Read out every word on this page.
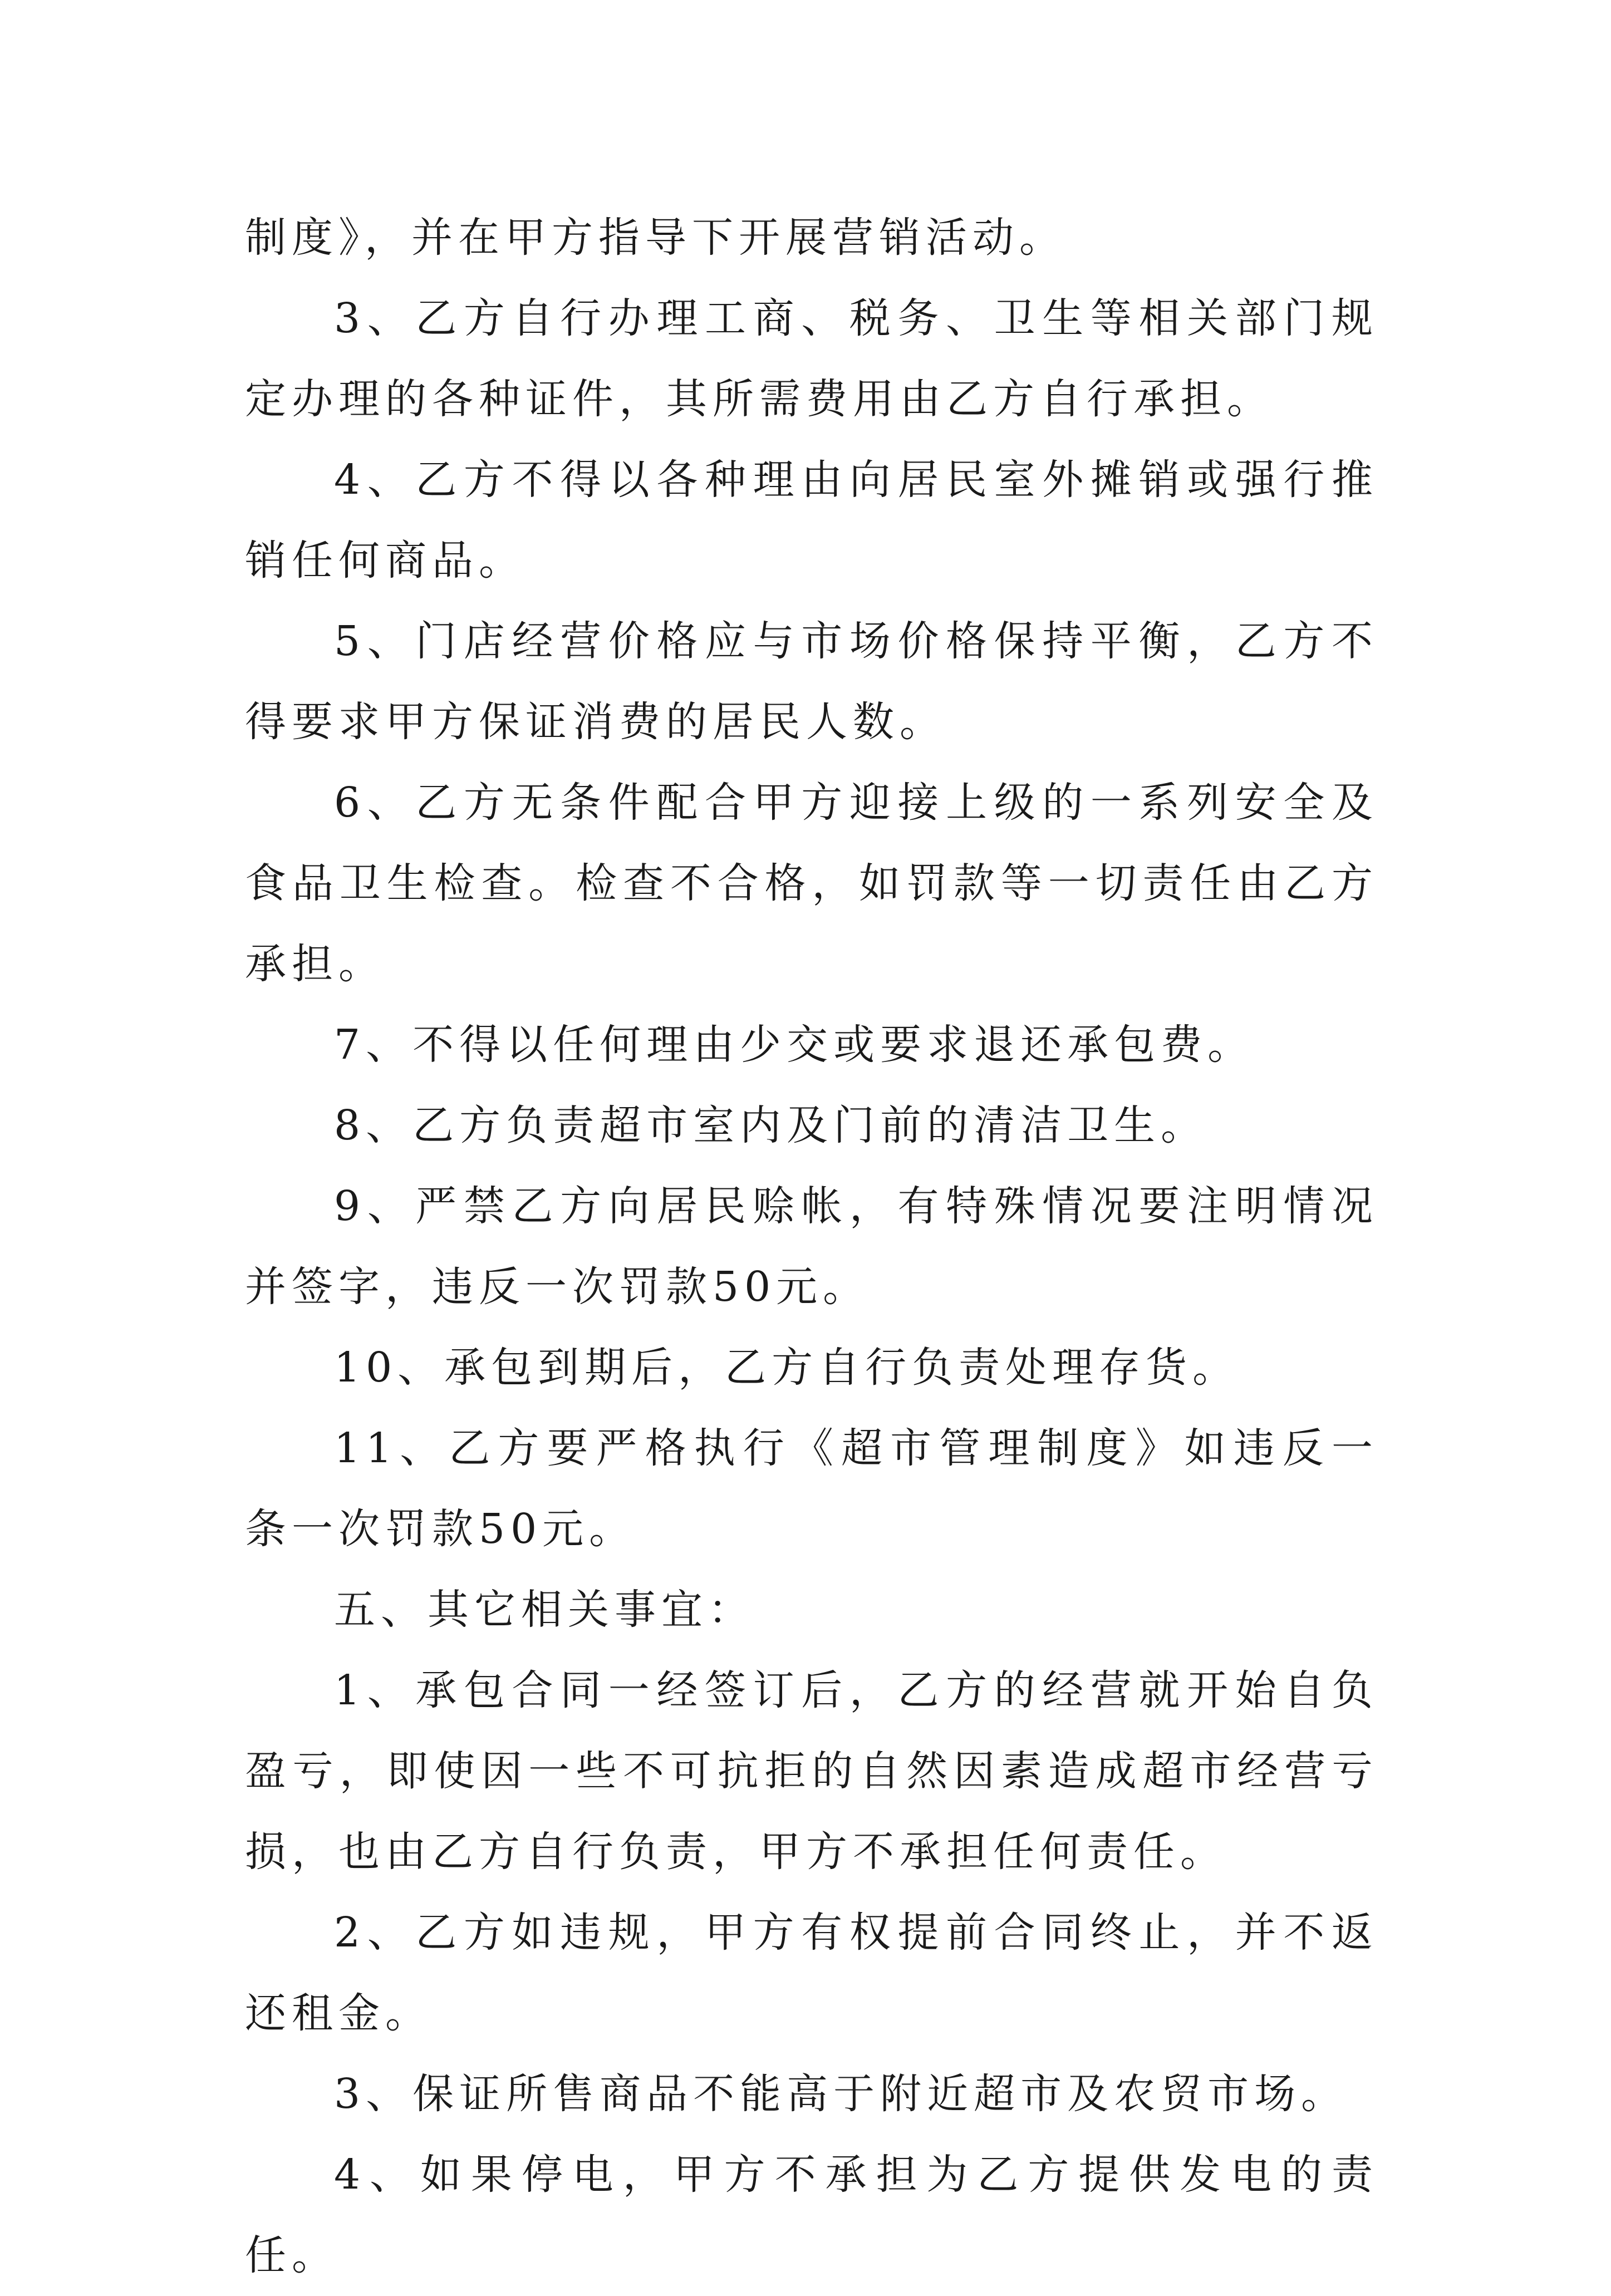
制度》，并在甲方指导下开展营销活动。

3、乙方自行办理工商、税务、卫生等相关部门规定办理的各种证件，其所需费用由乙方自行承担。

4、乙方不得以各种理由向居民室外摊销或强行推销任何商品。

5、门店经营价格应与市场价格保持平衡，乙方不得要求甲方保证消费的居民人数。

6、乙方无条件配合甲方迎接上级的一系列安全及食品卫生检查。检查不合格，如罚款等一切责任由乙方承担。

7、不得以任何理由少交或要求退还承包费。

8、乙方负责超市室内及门前的清洁卫生。

9、严禁乙方向居民赊帐，有特殊情况要注明情况并签字，违反一次罚款50元。

10、承包到期后，乙方自行负责处理存货。

11、乙方要严格执行《超市管理制度》如违反一条一次罚款50元。

五、其它相关事宜：

1、承包合同一经签订后，乙方的经营就开始自负盈亏，即使因一些不可抗拒的自然因素造成超市经营亏损，也由乙方自行负责，甲方不承担任何责任。

2、乙方如违规，甲方有权提前合同终止，并不返还租金。

3、保证所售商品不能高于附近超市及农贸市场。

4、如果停电，甲方不承担为乙方提供发电的责任。
